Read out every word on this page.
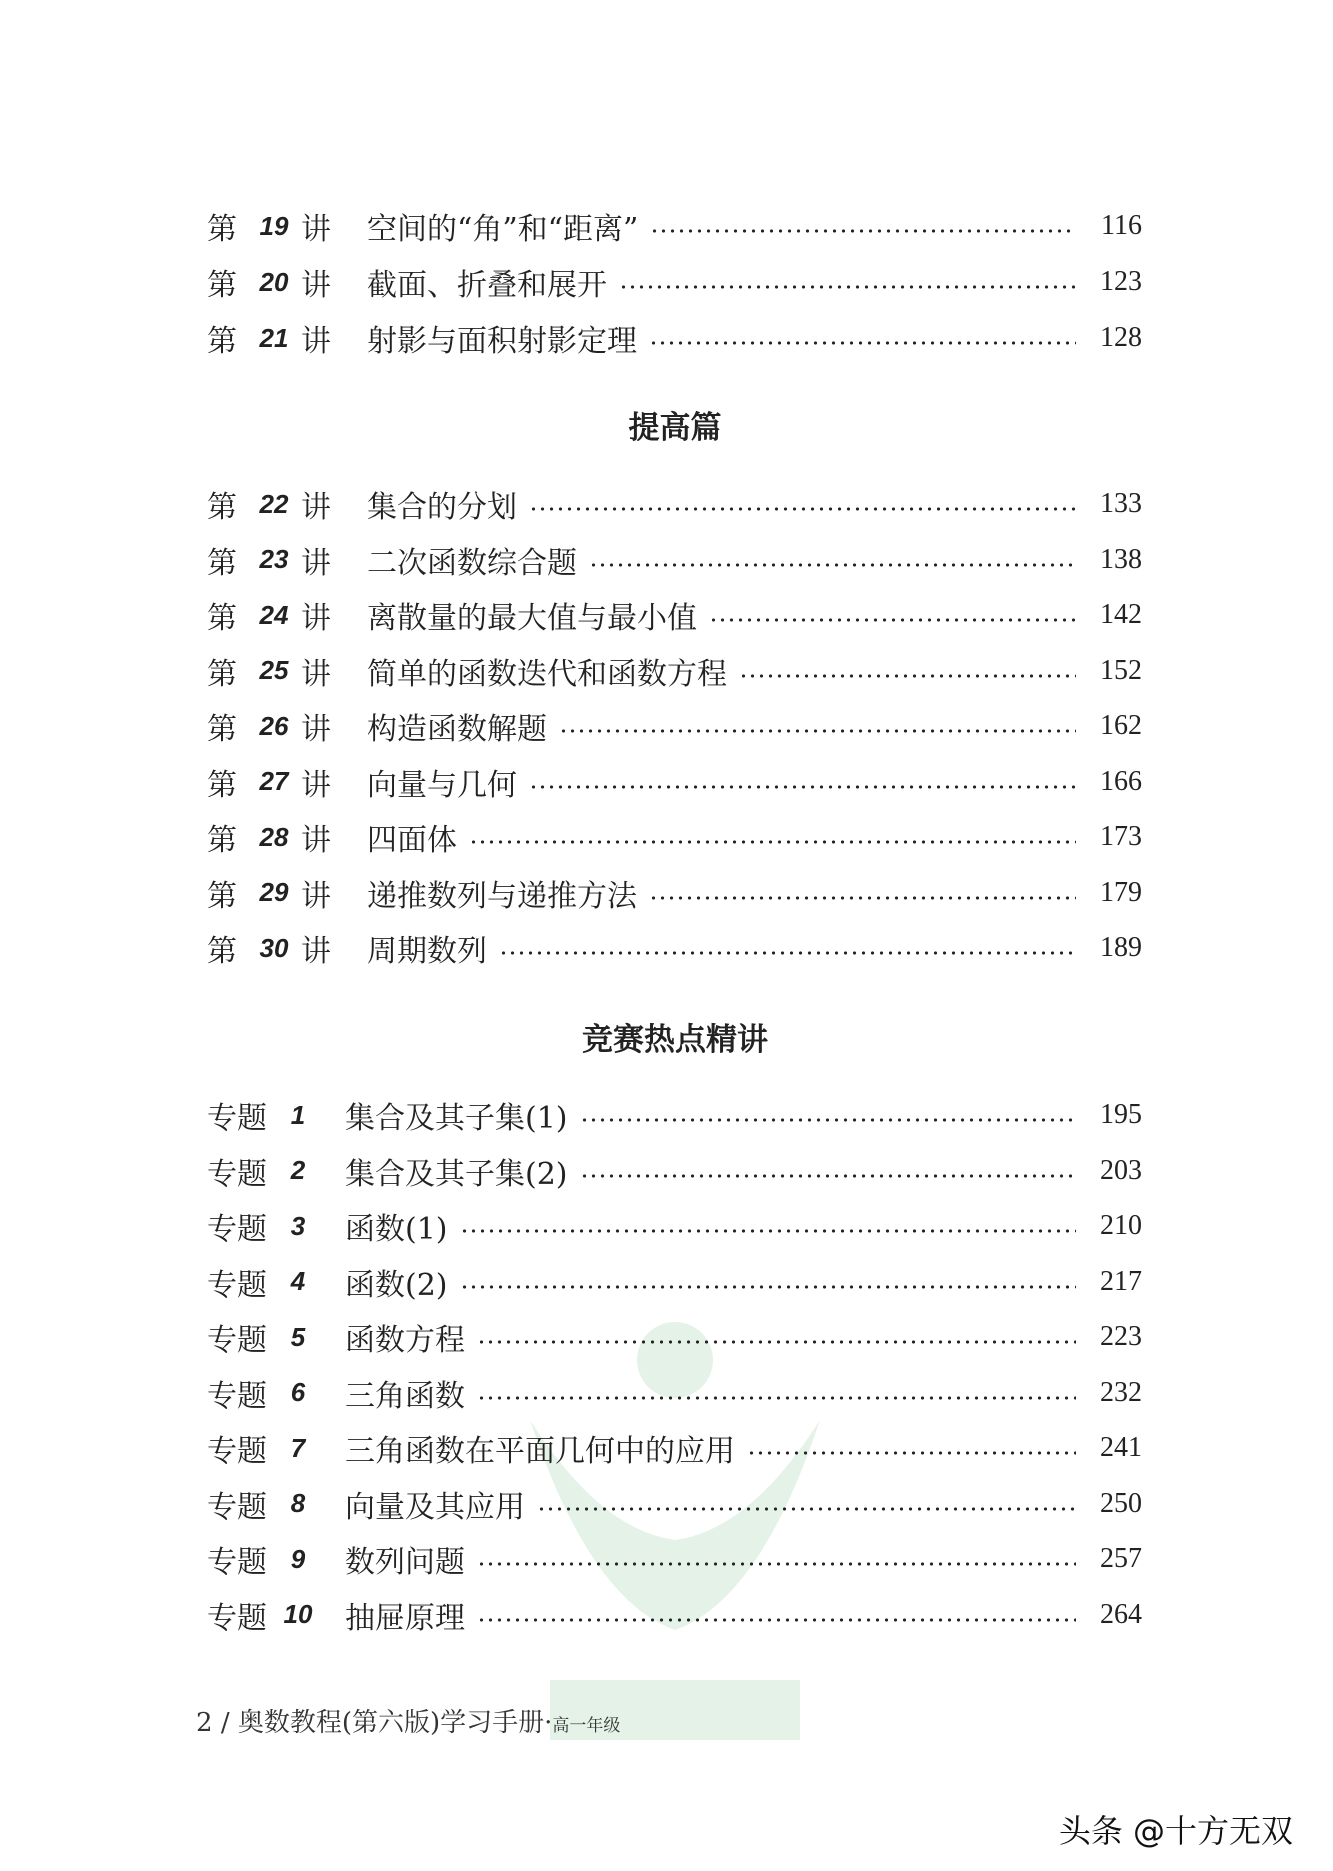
第 19 讲	空间的“角”和“距离”	116
第 20 讲	截面、折叠和展开	123
第 21 讲	射影与面积射影定理	128
提高篇
第 22 讲	集合的分划	133
第 23 讲	二次函数综合题	138
第 24 讲	离散量的最大值与最小值	142
第 25 讲	简单的函数迭代和函数方程	152
第 26 讲	构造函数解题	162
第 27 讲	向量与几何	166
第 28 讲	四面体	173
第 29 讲	递推数列与递推方法	179
第 30 讲	周期数列	189
竞赛热点精讲
专题 1	集合及其子集(1)	195
专题 2	集合及其子集(2)	203
专题 3	函数(1)	210
专题 4	函数(2)	217
专题 5	函数方程	223
专题 6	三角函数	232
专题 7	三角函数在平面几何中的应用	241
专题 8	向量及其应用	250
专题 9	数列问题	257
专题 10	抽屉原理	264
2 / 奥数教程(第六版)学习手册·高一年级
头条 @十方无双
